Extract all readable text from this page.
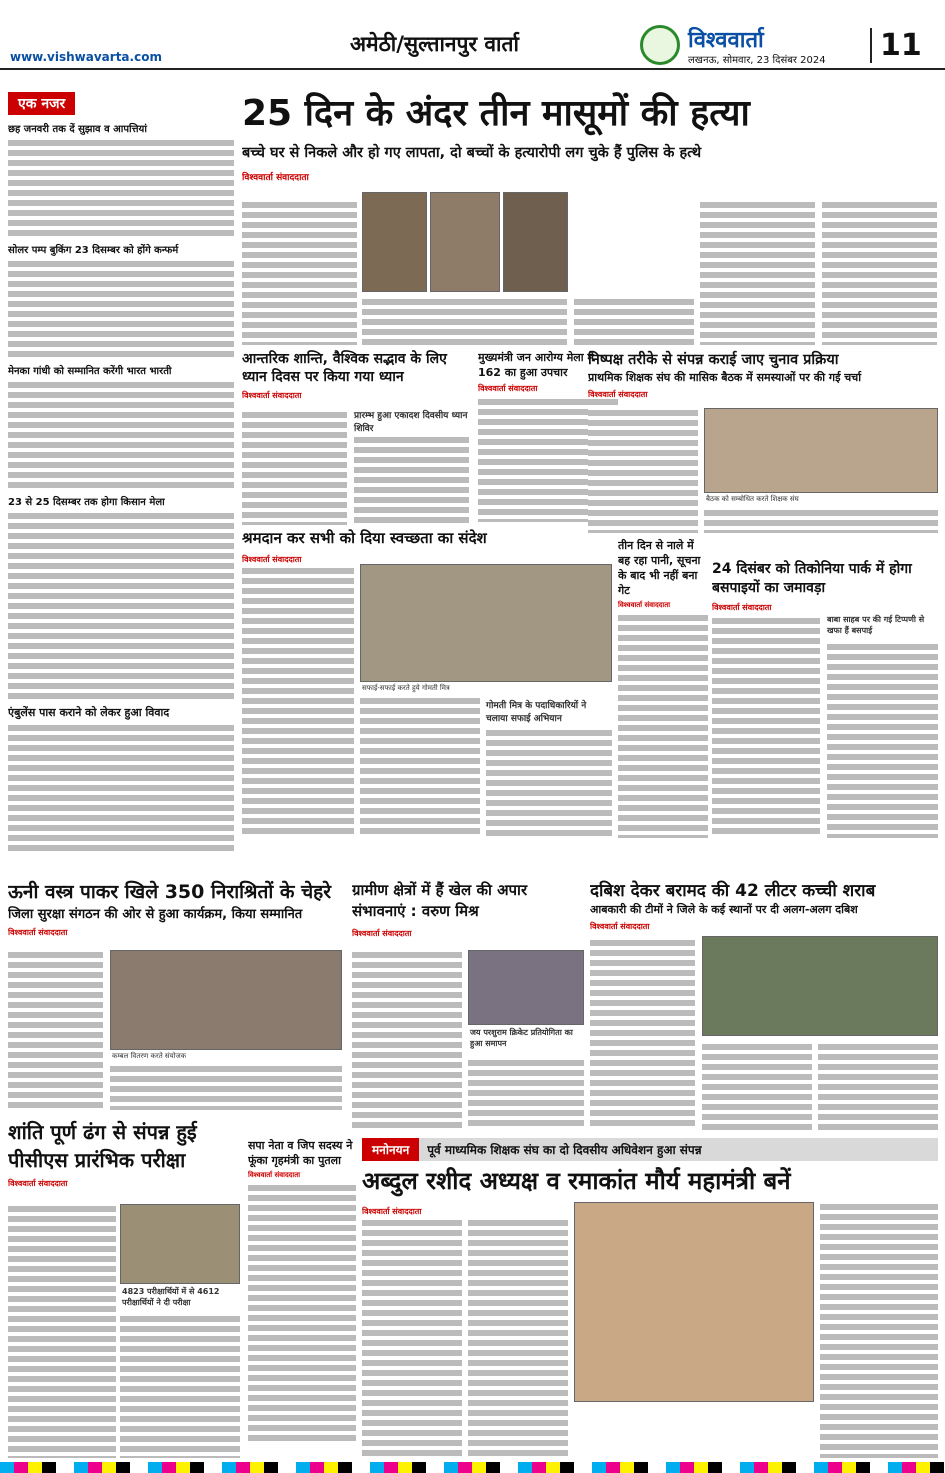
www.vishwavarta.com
अमेठी/सुल्तानपुर वार्ता	विश्ववार्ता
लखनऊ, सोमवार, 23 दिसंबर 2024	11
एक नजर
छह जनवरी तक दें सुझाव व आपत्तियां
सोलर पम्प बुकिंग 23 दिसम्बर को होंगे कन्फर्म
मेनका गांधी को सम्मानित करेंगी भारत भारती
23 से 25 दिसम्बर तक होगा किसान मेला
एंबुलेंस पास कराने को लेकर हुआ विवाद
25 दिन के अंदर तीन मासूमों की हत्या
बच्चे घर से निकले और हो गए लापता, दो बच्चों के हत्यारोपी लग चुके हैं पुलिस के हत्थे
विश्ववार्ता संवाददाता
आन्तरिक शान्ति, वैश्विक सद्भाव के लिए ध्यान दिवस पर किया गया ध्यान
विश्ववार्ता संवाददाता
प्रारम्भ हुआ एकादश दिवसीय ध्यान शिविर
मुख्यमंत्री जन आरोग्य मेला में 162 का हुआ उपचार
विश्ववार्ता संवाददाता
निष्पक्ष तरीके से संपन्न कराई जाए चुनाव प्रक्रिया
प्राथमिक शिक्षक संघ की मासिक बैठक में समस्याओं पर की गई चर्चा
विश्ववार्ता संवाददाता
बैठक को सम्बोधित करते शिक्षक संघ
श्रमदान कर सभी को दिया स्वच्छता का संदेश
विश्ववार्ता संवाददाता
सफाई-सफाई करते हुये गोमती मित्र
गोमती मित्र के पदाधिकारियों ने चलाया सफाई अभियान
तीन दिन से नाले में बह रहा पानी, सूचना के बाद भी नहीं बना गेट
विश्ववार्ता संवाददाता
24 दिसंबर को तिकोनिया पार्क में होगा बसपाइयों का जमावड़ा
विश्ववार्ता संवाददाता
बाबा साहब पर की गई टिप्पणी से खफा हैं बसपाई
ऊनी वस्त्र पाकर खिले 350 निराश्रितों के चेहरे
जिला सुरक्षा संगठन की ओर से हुआ कार्यक्रम, किया सम्मानित
विश्ववार्ता संवाददाता
कम्बल वितरण करते संयोजक
ग्रामीण क्षेत्रों में हैं खेल की अपार संभावनाएं : वरुण मिश्र
विश्ववार्ता संवाददाता
जय परशुराम क्रिकेट प्रतियोगिता का हुआ समापन
दबिश देकर बरामद की 42 लीटर कच्ची शराब
आबकारी की टीमों ने जिले के कई स्थानों पर दी अलग-अलग दबिश
विश्ववार्ता संवाददाता
शांति पूर्ण ढंग से संपन्न हुई पीसीएस प्रारंभिक परीक्षा
विश्ववार्ता संवाददाता
4823 परीक्षार्थियों में से 4612 परीक्षार्थियों ने दी परीक्षा
सपा नेता व जिप सदस्य ने फूंका गृहमंत्री का पुतला
विश्ववार्ता संवाददाता
मनोनयन	पूर्व माध्यमिक शिक्षक संघ का दो दिवसीय अधिवेशन हुआ संपन्न
अब्दुल रशीद अध्यक्ष व रमाकांत मौर्य महामंत्री बनें
विश्ववार्ता संवाददाता
